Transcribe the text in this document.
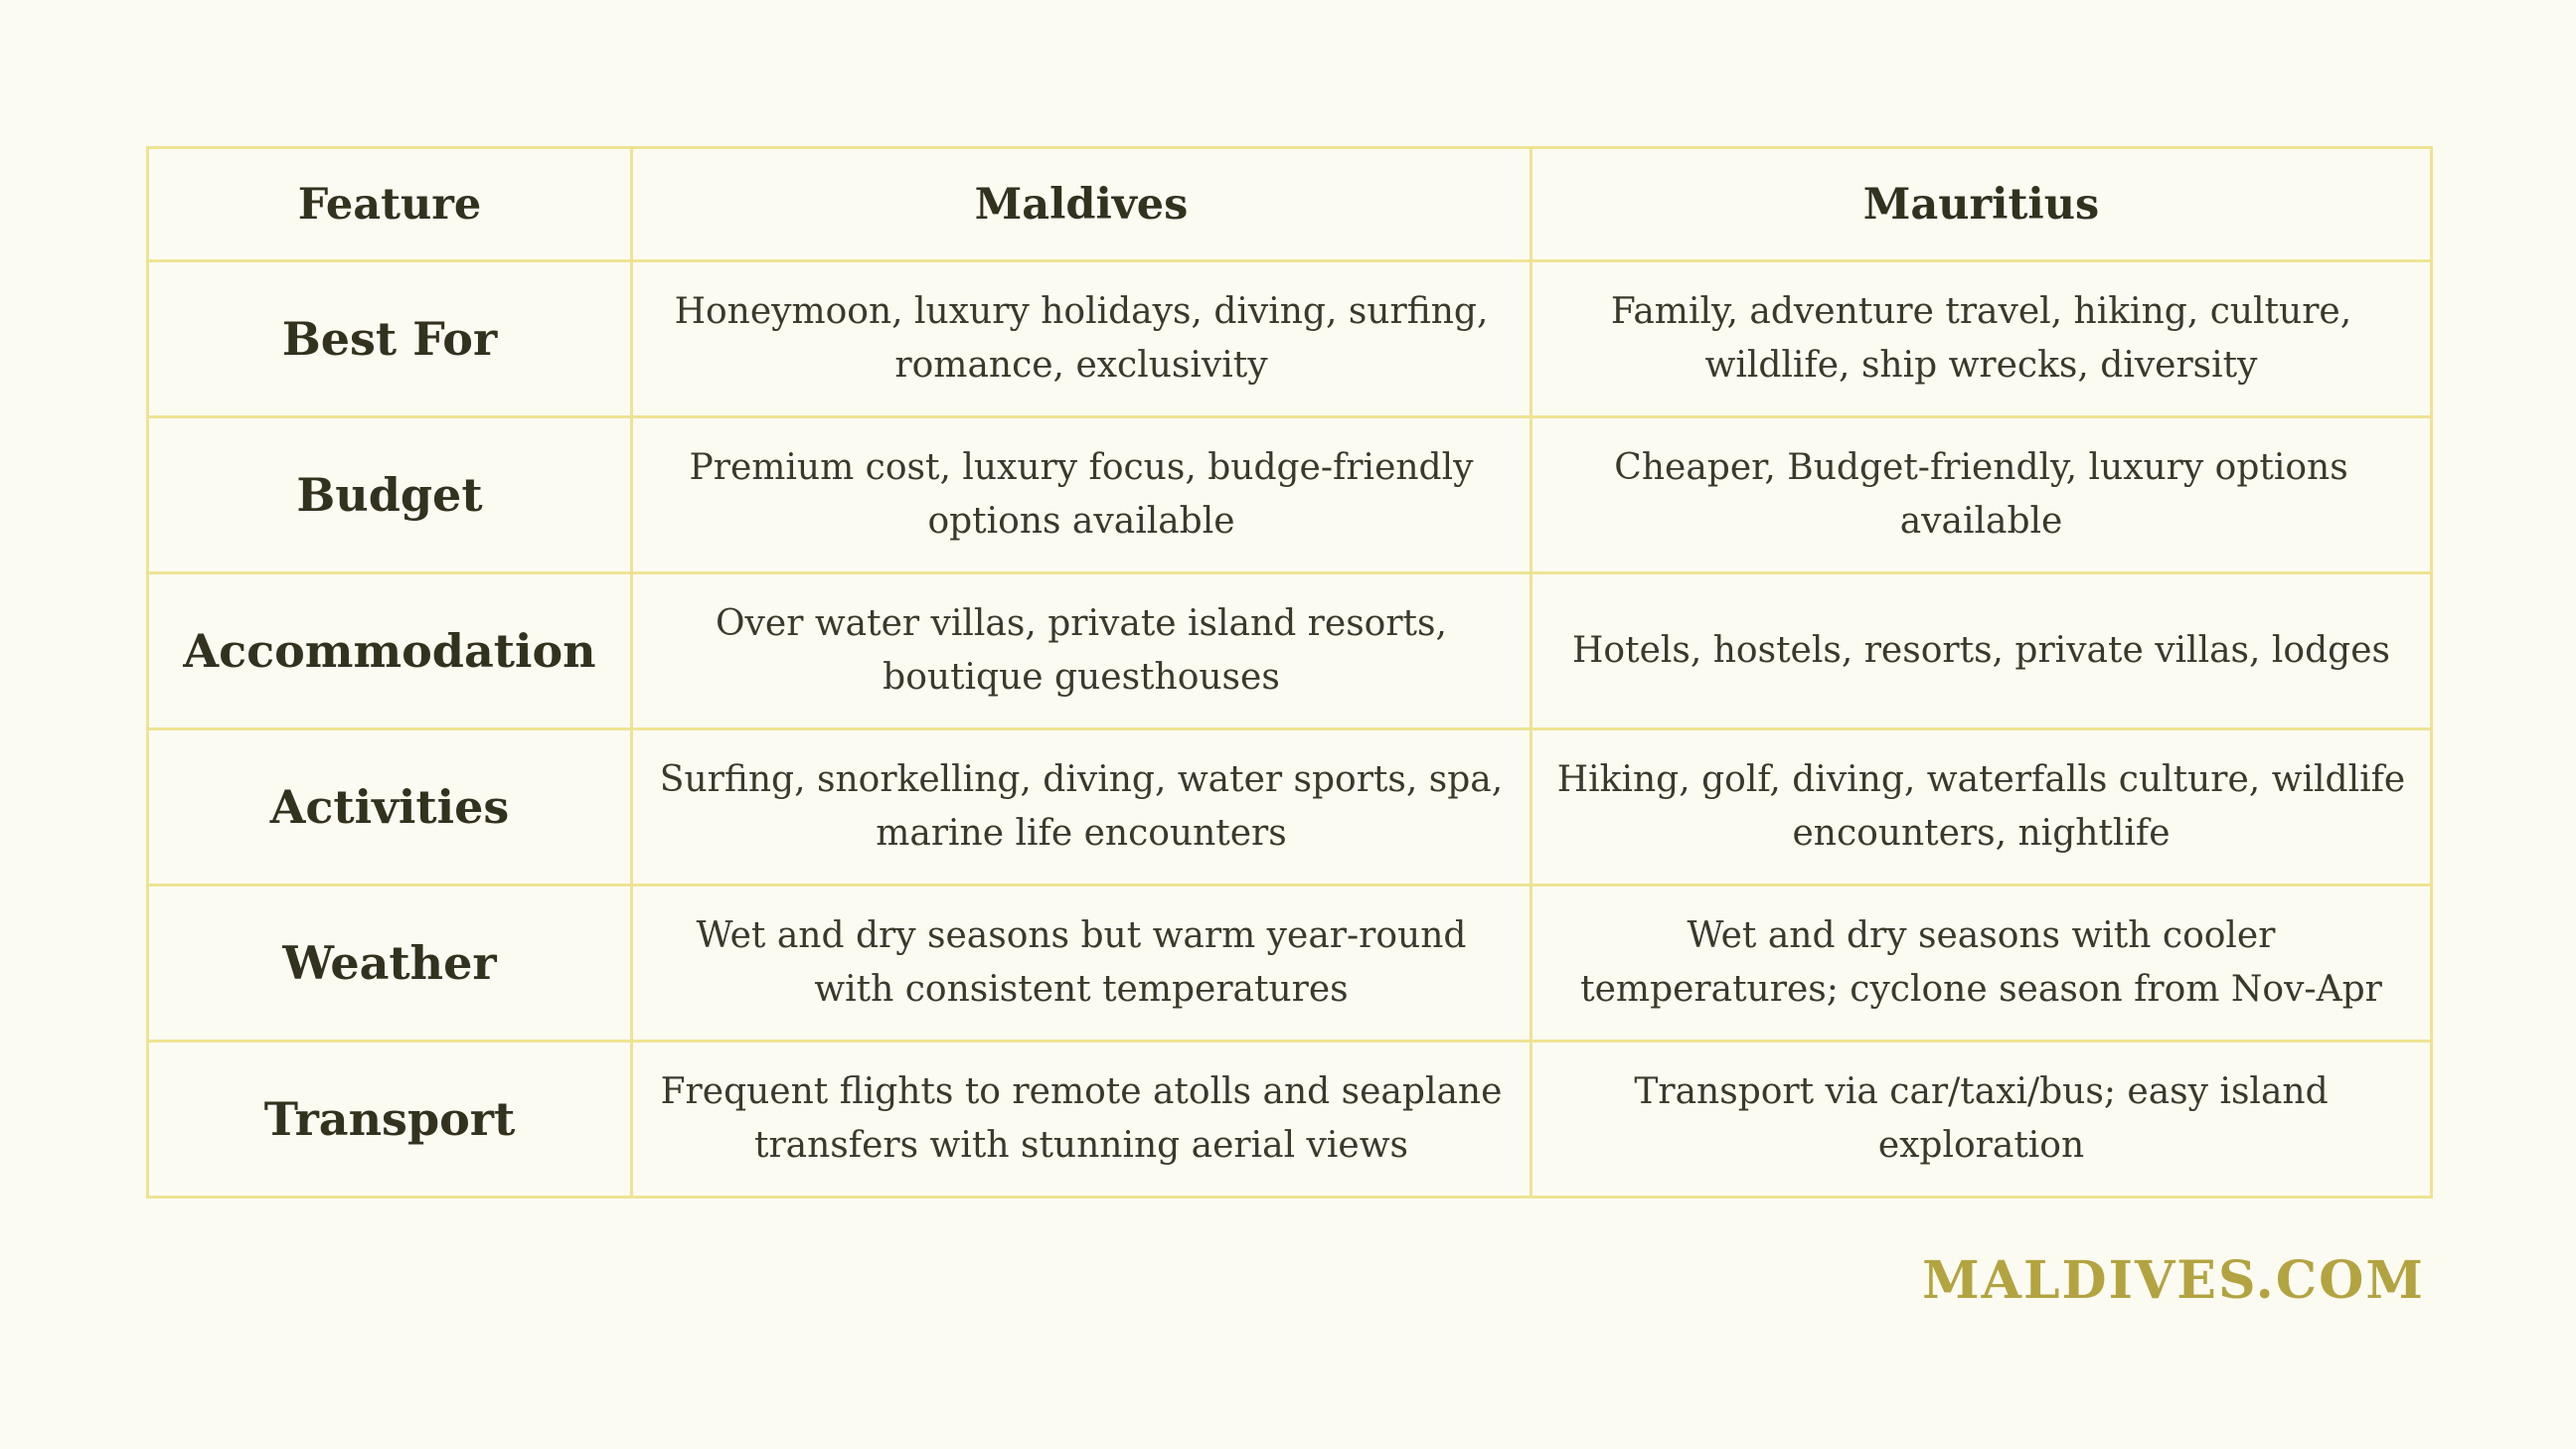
Feature	Maldives	Mauritius
Best For	Honeymoon, luxury holidays, diving, surfing, romance, exclusivity	Family, adventure travel, hiking, culture, wildlife, ship wrecks, diversity
Budget	Premium cost, luxury focus, budge-friendly options available	Cheaper, Budget-friendly, luxury options available
Accommodation	Over water villas, private island resorts, boutique guesthouses	Hotels, hostels, resorts, private villas, lodges
Activities	Surfing, snorkelling, diving, water sports, spa, marine life encounters	Hiking, golf, diving, waterfalls culture, wildlife encounters, nightlife
Weather	Wet and dry seasons but warm year-round with consistent temperatures	Wet and dry seasons with cooler temperatures; cyclone season from Nov-Apr
Transport	Frequent flights to remote atolls and seaplane transfers with stunning aerial views	Transport via car/taxi/bus; easy island exploration
MALDIVES.COM
